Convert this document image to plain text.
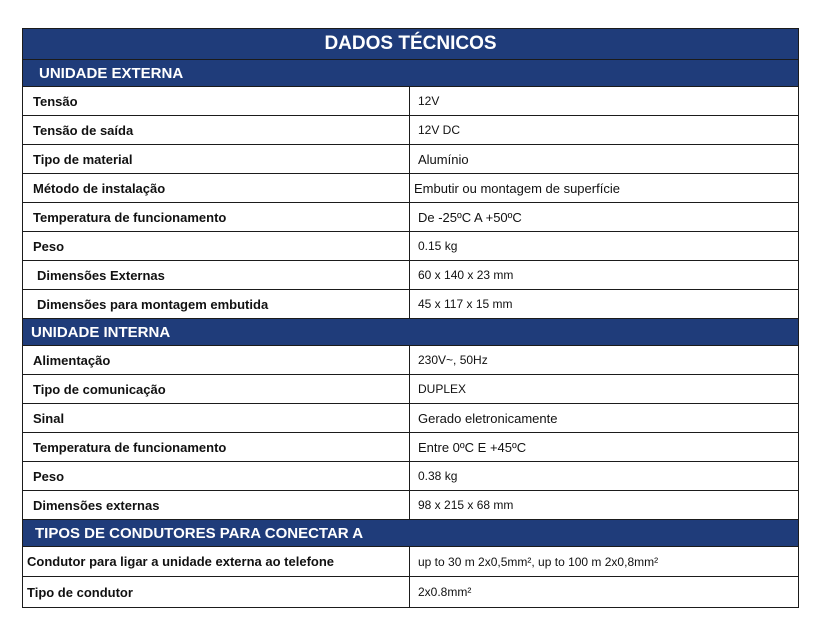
DADOS TÉCNICOS
UNIDADE EXTERNA
Tensão	12V
Tensão de saída	12V DC
Tipo de material	Alumínio
Método de instalação	Embutir ou montagem de superfície
Temperatura de funcionamento	De -25ºC A +50ºC
Peso	0.15 kg
Dimensões Externas	60 x 140 x 23 mm
Dimensões para montagem embutida	45 x 117 x 15 mm
UNIDADE INTERNA
Alimentação	230V~, 50Hz
Tipo de comunicação	DUPLEX
Sinal	Gerado eletronicamente
Temperatura de funcionamento	Entre 0ºC E +45ºC
Peso	0.38 kg
Dimensões externas	98 x 215 x 68 mm
TIPOS DE CONDUTORES PARA CONECTAR A
Condutor para ligar a unidade externa ao telefone	up to 30 m 2x0,5mm², up to 100 m 2x0,8mm²
Tipo de condutor	2x0.8mm²
